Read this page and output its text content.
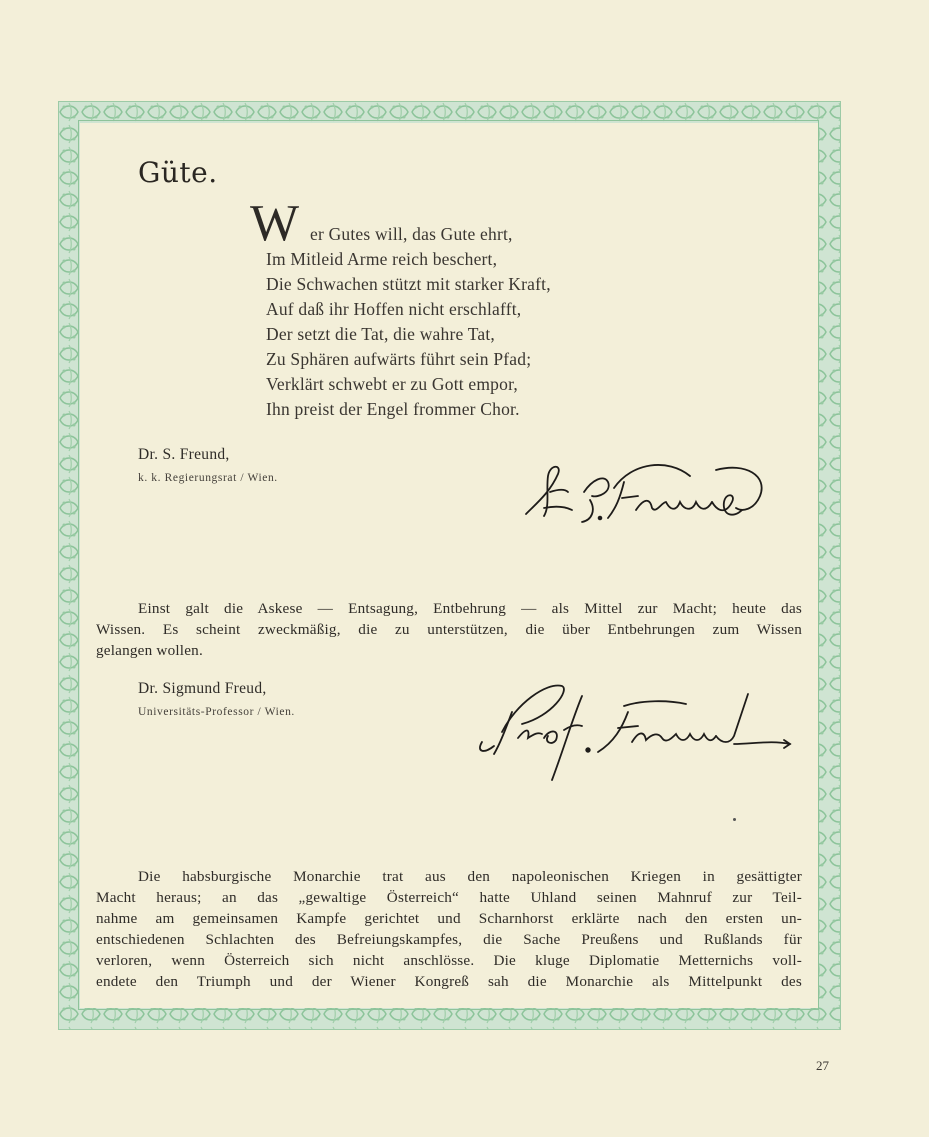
Güte.
W er Gutes will, das Gute ehrt,
Im Mitleid Arme reich beschert,
Die Schwachen stützt mit starker Kraft,
Auf daß ihr Hoffen nicht erschlafft,
Der setzt die Tat, die wahre Tat,
Zu Sphären aufwärts führt sein Pfad;
Verklärt schwebt er zu Gott empor,
Ihn preist der Engel frommer Chor.
Dr. S. Freund,
k. k. Regierungsrat / Wien.
Einst galt die Askese — Entsagung, Entbehrung — als Mittel zur Macht; heute das
Wissen. Es scheint zweckmäßig, die zu unterstützen, die über Entbehrungen zum Wissen
gelangen wollen.
Dr. Sigmund Freud,
Universitäts-Professor / Wien.
Die habsburgische Monarchie trat aus den napoleonischen Kriegen in gesättigter
Macht heraus; an das „gewaltige Österreich“ hatte Uhland seinen Mahnruf zur Teil-
nahme am gemeinsamen Kampfe gerichtet und Scharnhorst erklärte nach den ersten un-
entschiedenen Schlachten des Befreiungskampfes, die Sache Preußens und Rußlands für
verloren, wenn Österreich sich nicht anschlösse. Die kluge Diplomatie Metternichs voll-
endete den Triumph und der Wiener Kongreß sah die Monarchie als Mittelpunkt des
27
